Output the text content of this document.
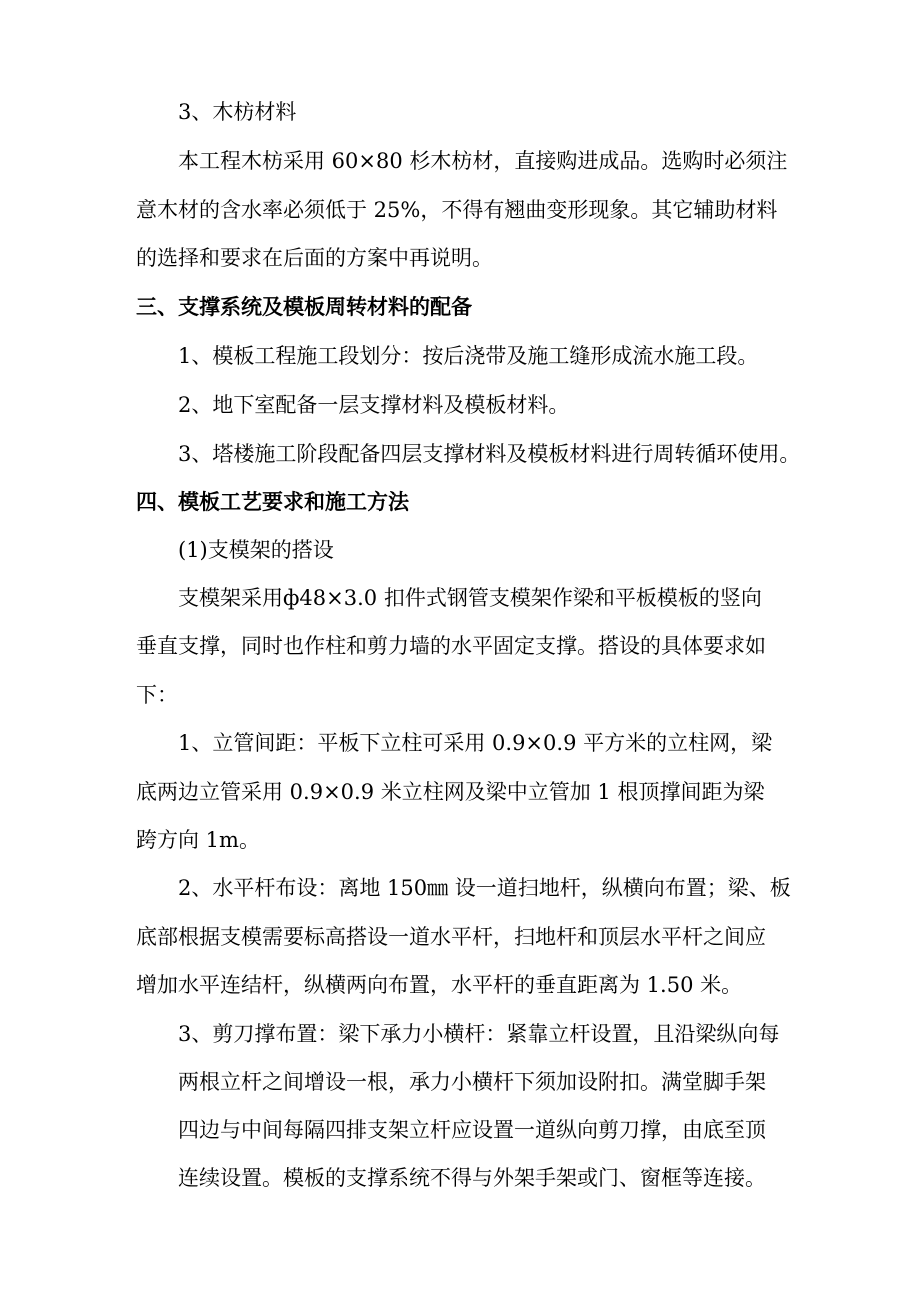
3、木枋材料
本工程木枋采用 60×80 杉木枋材，直接购进成品。选购时必须注
意木材的含水率必须低于 25%，不得有翘曲变形现象。其它辅助材料
的选择和要求在后面的方案中再说明。
三、支撑系统及模板周转材料的配备
1、模板工程施工段划分：按后浇带及施工缝形成流水施工段。
2、地下室配备一层支撑材料及模板材料。
3、塔楼施工阶段配备四层支撑材料及模板材料进行周转循环使用。
四、模板工艺要求和施工方法
(1)支模架的搭设
支模架采用ф48×3.0 扣件式钢管支模架作梁和平板模板的竖向
垂直支撑，同时也作柱和剪力墙的水平固定支撑。搭设的具体要求如
下：
1、立管间距：平板下立柱可采用 0.9×0.9 平方米的立柱网，梁
底两边立管采用 0.9×0.9 米立柱网及梁中立管加 1 根顶撑间距为梁
跨方向 1m。
2、水平杆布设：离地 150㎜ 设一道扫地杆，纵横向布置；梁、板
底部根据支模需要标高搭设一道水平杆，扫地杆和顶层水平杆之间应
增加水平连结杆，纵横两向布置，水平杆的垂直距离为 1.50 米。
3、剪刀撑布置：梁下承力小横杆：紧靠立杆设置，且沿梁纵向每
两根立杆之间增设一根，承力小横杆下须加设附扣。满堂脚手架
四边与中间每隔四排支架立杆应设置一道纵向剪刀撑，由底至顶
连续设置。模板的支撑系统不得与外架手架或门、窗框等连接。
